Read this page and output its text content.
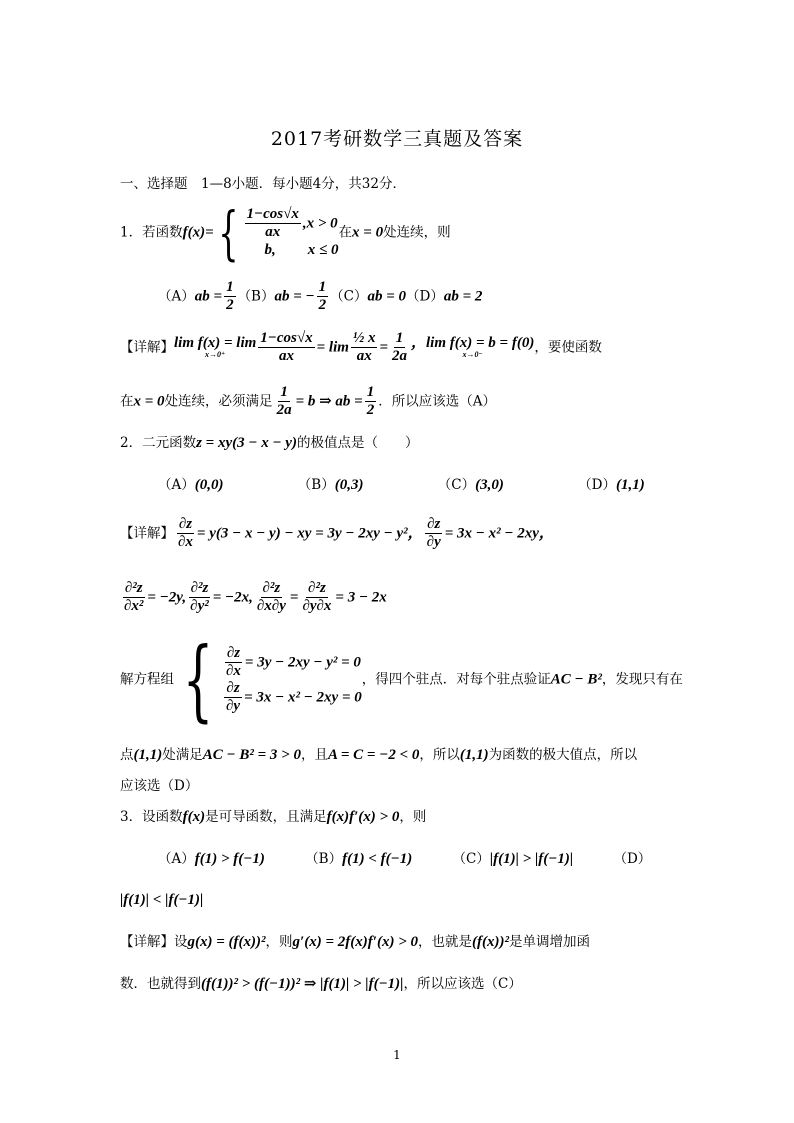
2017考研数学三真题及答案
一、选择题　1—8小题．每小题4分，共32分．
1．若函数$f(x)=\{ \frac{1-\cos√x}{ax} ,x > 0$
b, x ≤ 0
在x = 0处连续，则
$(A)ab = \frac{1}{2} (B)ab$ = − $\frac{1}{2} (C)ab = 0(D)ab = 2$
【详解】 lim f(x) = lim
$x\to 0^+ \frac{1-\cos√x}{ax} = \lim \frac{\text{½ x}}{ax} = \frac{1}{2a}$ ，lim f(x) = b = f(0)
x→0⁻	，要使函数
在x = 0处连续，必须满足 $\frac{1}{2a} = b$ ⇒ ab = $\frac{1}{2}$ ．所以应该选（A）
2．二元函数z = xy(3 − x − y)的极值点是（　　）
（A）(0,0)	（B）(0,3)	（C）(3,0)	（D）(1,1)
【详解】 $\frac{\partial z}{\partial x} = y(3 - x - y)$ − xy = 3y − 2xy − y²， $\frac{\partial z}{\partial y} = 3x - x^2 - 2xy$，
$\frac{\text{∂²z}}{\text{∂x²}} = -2y$, $\frac{\text{∂²z}}{\text{∂y²}} = -2x$, $\frac{\text{∂²z}}{\partial x\partial y} = \frac{\text{∂²z}}{\partial y\partial x} = 3 - 2x$
解方程组{ $\frac{\partial z}{\partial x} = 3y - 2xy - y^2 = 0$
$\frac{\partial z}{\partial y} = 3x - x^2 - 2xy = 0$
，得四个驻点．对每个驻点验证AC − B²，发现只有在
点(1,1)处满足AC − B² = 3 > 0，且A = C = −2 < 0，所以(1,1)为函数的极大值点，所以
应该选（D）
3．设函数f(x)是可导函数，且满足f(x)f′(x) > 0，则
（A）f(1) > f(−1)	（B）f(1) < f(−1)	（C）|f(1)| > |f(−1)|	（D）
|f(1)| < |f(−1)|
【详解】设g(x) = (f(x))²，则g′(x) = 2f(x)f′(x) > 0，也就是(f(x))²是单调增加函
数．也就得到(f(1))² > (f(−1))² ⇒ |f(1)| > |f(−1)|，所以应该选（C）
1
